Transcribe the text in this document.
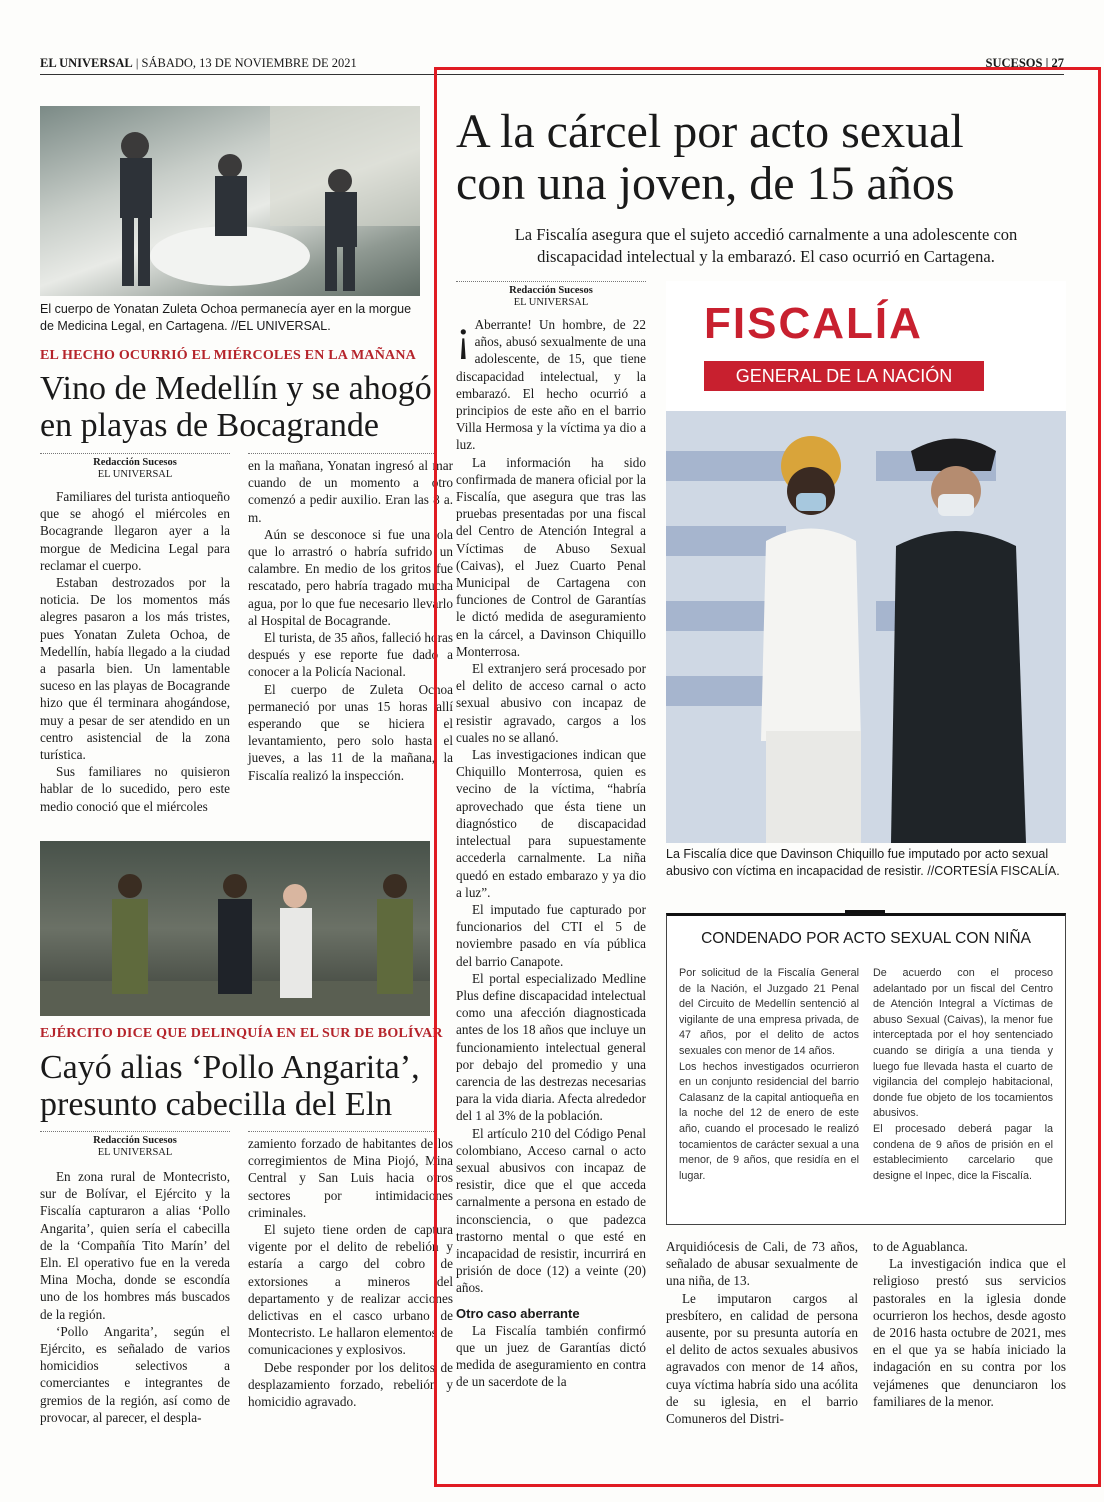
EL UNIVERSAL | SÁBADO, 13 DE NOVIEMBRE DE 2021	SUCESOS | 27
El cuerpo de Yonatan Zuleta Ochoa permanecía ayer en la morgue de Medicina Legal, en Cartagena. //EL UNIVERSAL.
EL HECHO OCURRIÓ EL MIÉRCOLES EN LA MAÑANA
Vino de Medellín y se ahogó
en playas de Bocagrande
Redacción Sucesos
EL UNIVERSAL

Familiares del turista antioqueño que se ahogó el miércoles en Bocagrande llegaron ayer a la morgue de Medicina Legal para reclamar el cuerpo.

Estaban destrozados por la noticia. De los momentos más alegres pasaron a los más tristes, pues Yonatan Zuleta Ochoa, de Medellín, había llegado a la ciudad a pasarla bien. Un lamentable suceso en las playas de Bocagrande hizo que él terminara ahogándose, muy a pesar de ser atendido en un centro asistencial de la zona turística.

Sus familiares no quisieron hablar de lo sucedido, pero este medio conoció que el miércoles

en la mañana, Yonatan ingresó al mar cuando de un momento a otro comenzó a pedir auxilio. Eran las 8 a. m.

Aún se desconoce si fue una ola que lo arrastró o habría sufrido un calambre. En medio de los gritos fue rescatado, pero habría tragado mucha agua, por lo que fue necesario llevarlo al Hospital de Bocagrande.

El turista, de 35 años, falleció horas después y ese reporte fue dado a conocer a la Policía Nacional.

El cuerpo de Zuleta Ochoa permaneció por unas 15 horas allí esperando que se hiciera el levantamiento, pero solo hasta el jueves, a las 11 de la mañana, la Fiscalía realizó la inspección.

EJÉRCITO DICE QUE DELINQUÍA EN EL SUR DE BOLÍVAR
Cayó alias ‘Pollo Angarita’,
presunto cabecilla del Eln
Redacción Sucesos
EL UNIVERSAL

En zona rural de Montecristo, sur de Bolívar, el Ejército y la Fiscalía capturaron a alias ‘Pollo Angarita’, quien sería el cabecilla de la ‘Compañía Tito Marín’ del Eln. El operativo fue en la vereda Mina Mocha, donde se escondía uno de los hombres más buscados de la región.

‘Pollo Angarita’, según el Ejército, es señalado de varios homicidios selectivos a comerciantes e integrantes de gremios de la región, así como de provocar, al parecer, el despla-

zamiento forzado de habitantes de los corregimientos de Mina Piojó, Mina Central y San Luis hacia otros sectores por intimidaciones criminales.

El sujeto tiene orden de captura vigente por el delito de rebelión y estaría a cargo del cobro de extorsiones a mineros del departamento y de realizar acciones delictivas en el casco urbano de Montecristo. Le hallaron elementos de comunicaciones y explosivos.

Debe responder por los delitos de desplazamiento forzado, rebelión y homicidio agravado.

A la cárcel por acto sexual
con una joven, de 15 años
La Fiscalía asegura que el sujeto accedió carnalmente a una adolescente con
discapacidad intelectual y la embarazó. El caso ocurrió en Cartagena.
Redacción Sucesos
EL UNIVERSAL

¡ Aberrante! Un hombre, de 22 años, abusó sexualmente de una adolescente, de 15, que tiene discapacidad intelectual, y la embarazó. El hecho ocurrió a principios de este año en el barrio Villa Hermosa y la víctima ya dio a luz.

La información ha sido confirmada de manera oficial por la Fiscalía, que asegura que tras las pruebas presentadas por una fiscal del Centro de Atención Integral a Víctimas de Abuso Sexual (Caivas), el Juez Cuarto Penal Municipal de Cartagena con funciones de Control de Garantías le dictó medida de aseguramiento en la cárcel, a Davinson Chiquillo Monterrosa.

El extranjero será procesado por el delito de acceso carnal o acto sexual abusivo con incapaz de resistir agravado, cargos a los cuales no se allanó.

Las investigaciones indican que Chiquillo Monterrosa, quien es vecino de la víctima, “habría aprovechado que ésta tiene un diagnóstico de discapacidad intelectual para supuestamente accederla carnalmente. La niña quedó en estado embarazo y ya dio a luz”.

El imputado fue capturado por funcionarios del CTI el 5 de noviembre pasado en vía pública del barrio Canapote.

El portal especializado Medline Plus define discapacidad intelectual como una afección diagnosticada antes de los 18 años que incluye un funcionamiento intelectual general por debajo del promedio y una carencia de las destrezas necesarias para la vida diaria. Afecta alrededor del 1 al 3% de la población.

El artículo 210 del Código Penal colombiano, Acceso carnal o acto sexual abusivos con incapaz de resistir, dice que el que acceda carnalmente a persona en estado de inconsciencia, o que padezca trastorno mental o que esté en incapacidad de resistir, incurrirá en prisión de doce (12) a veinte (20) años.

Otro caso aberrante

La Fiscalía también confirmó que un juez de Garantías dictó medida de aseguramiento en contra de un sacerdote de la

FISCALÍA
GENERAL DE LA NACIÓN
La Fiscalía dice que Davinson Chiquillo fue imputado por acto sexual abusivo con víctima en incapacidad de resistir. //CORTESÍA FISCALÍA.
CONDENADO POR ACTO SEXUAL CON NIÑA

Por solicitud de la Fiscalía General de la Nación, el Juzgado 21 Penal del Circuito de Medellín sentenció al vigilante de una empresa privada, de 47 años, por el delito de actos sexuales con menor de 14 años.

Los hechos investigados ocurrieron en un conjunto residencial del barrio Calasanz de la capital antioqueña en la noche del 12 de enero de este año, cuando el procesado le realizó tocamientos de carácter sexual a una menor, de 9 años, que residía en el lugar.

De acuerdo con el proceso adelantado por un fiscal del Centro de Atención Integral a Víctimas de abuso Sexual (Caivas), la menor fue interceptada por el hoy sentenciado cuando se dirigía a una tienda y luego fue llevada hasta el cuarto de vigilancia del complejo habitacional, donde fue objeto de los tocamientos abusivos.

El procesado deberá pagar la condena de 9 años de prisión en el establecimiento carcelario que designe el Inpec, dice la Fiscalía.

Arquidiócesis de Cali, de 73 años, señalado de abusar sexualmente de una niña, de 13.

Le imputaron cargos al presbítero, en calidad de persona ausente, por su presunta autoría en el delito de actos sexuales abusivos agravados con menor de 14 años, cuya víctima habría sido una acólita de su iglesia, en el barrio Comuneros del Distri-

to de Aguablanca.

La investigación indica que el religioso prestó sus servicios pastorales en la iglesia donde ocurrieron los hechos, desde agosto de 2016 hasta octubre de 2021, mes en el que ya se había iniciado la indagación en su contra por los vejámenes que denunciaron los familiares de la menor.
